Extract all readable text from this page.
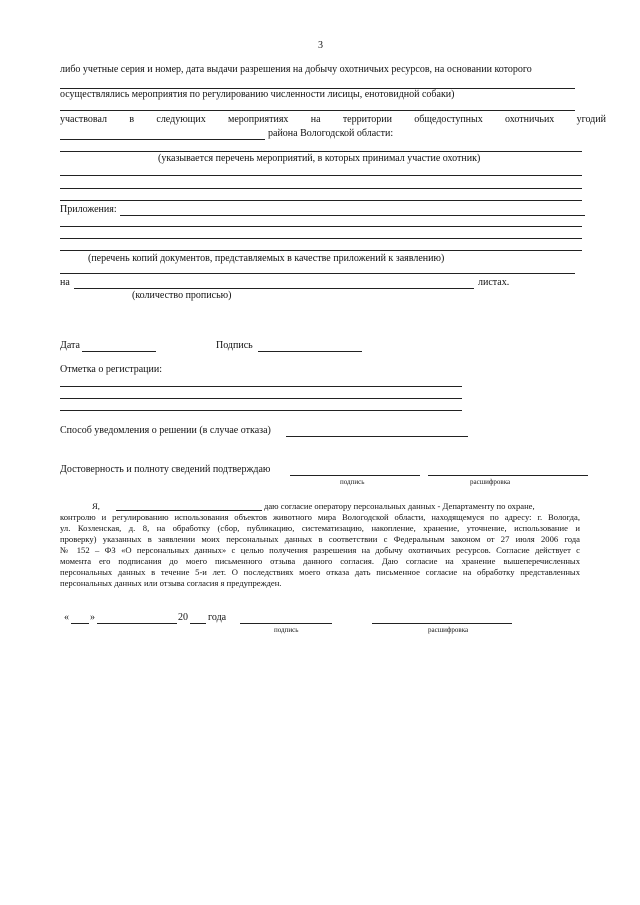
3
либо учетные серия и номер, дата выдачи разрешения на добычу охотничьих ресурсов, на основании которого
осуществлялись мероприятия по регулированию численности лисицы, енотовидной собаки)
участвовал в следующих мероприятиях на территории общедоступных охотничьих угодий
района Вологодской области:
(указывается перечень мероприятий, в которых принимал участие охотник)
Приложения:
(перечень копий документов, представляемых в качестве приложений к заявлению)
на	листах.
(количество прописью)
Дата	Подпись
Отметка о регистрации:
Способ уведомления о решении (в случае отказа)
Достоверность и полноту сведений подтверждаю
подпись	расшифровка
Я,	даю согласие оператору персональных данных - Департаменту по охране,
контролю и регулированию использования объектов животного мира Вологодской области, находящемуся по адресу: г. Вологда,
ул. Козленская, д. 8, на обработку (сбор, публикацию, систематизацию, накопление, хранение, уточнение, использование и
проверку) указанных в заявлении моих персональных данных в соответствии с Федеральным законом от 27 июля 2006 года
№ 152 – ФЗ «О персональных данных» с целью получения разрешения на добычу охотничьих ресурсов. Согласие действует с
момента его подписания до моего письменного отзыва данного согласия. Даю согласие на хранение вышеперечисленных
персональных данных в течение 5-и лет. О последствиях моего отказа дать письменное согласие на обработку представленных
персональных данных или отзыва согласия я предупрежден.
« »	20 года
подпись	расшифровка
